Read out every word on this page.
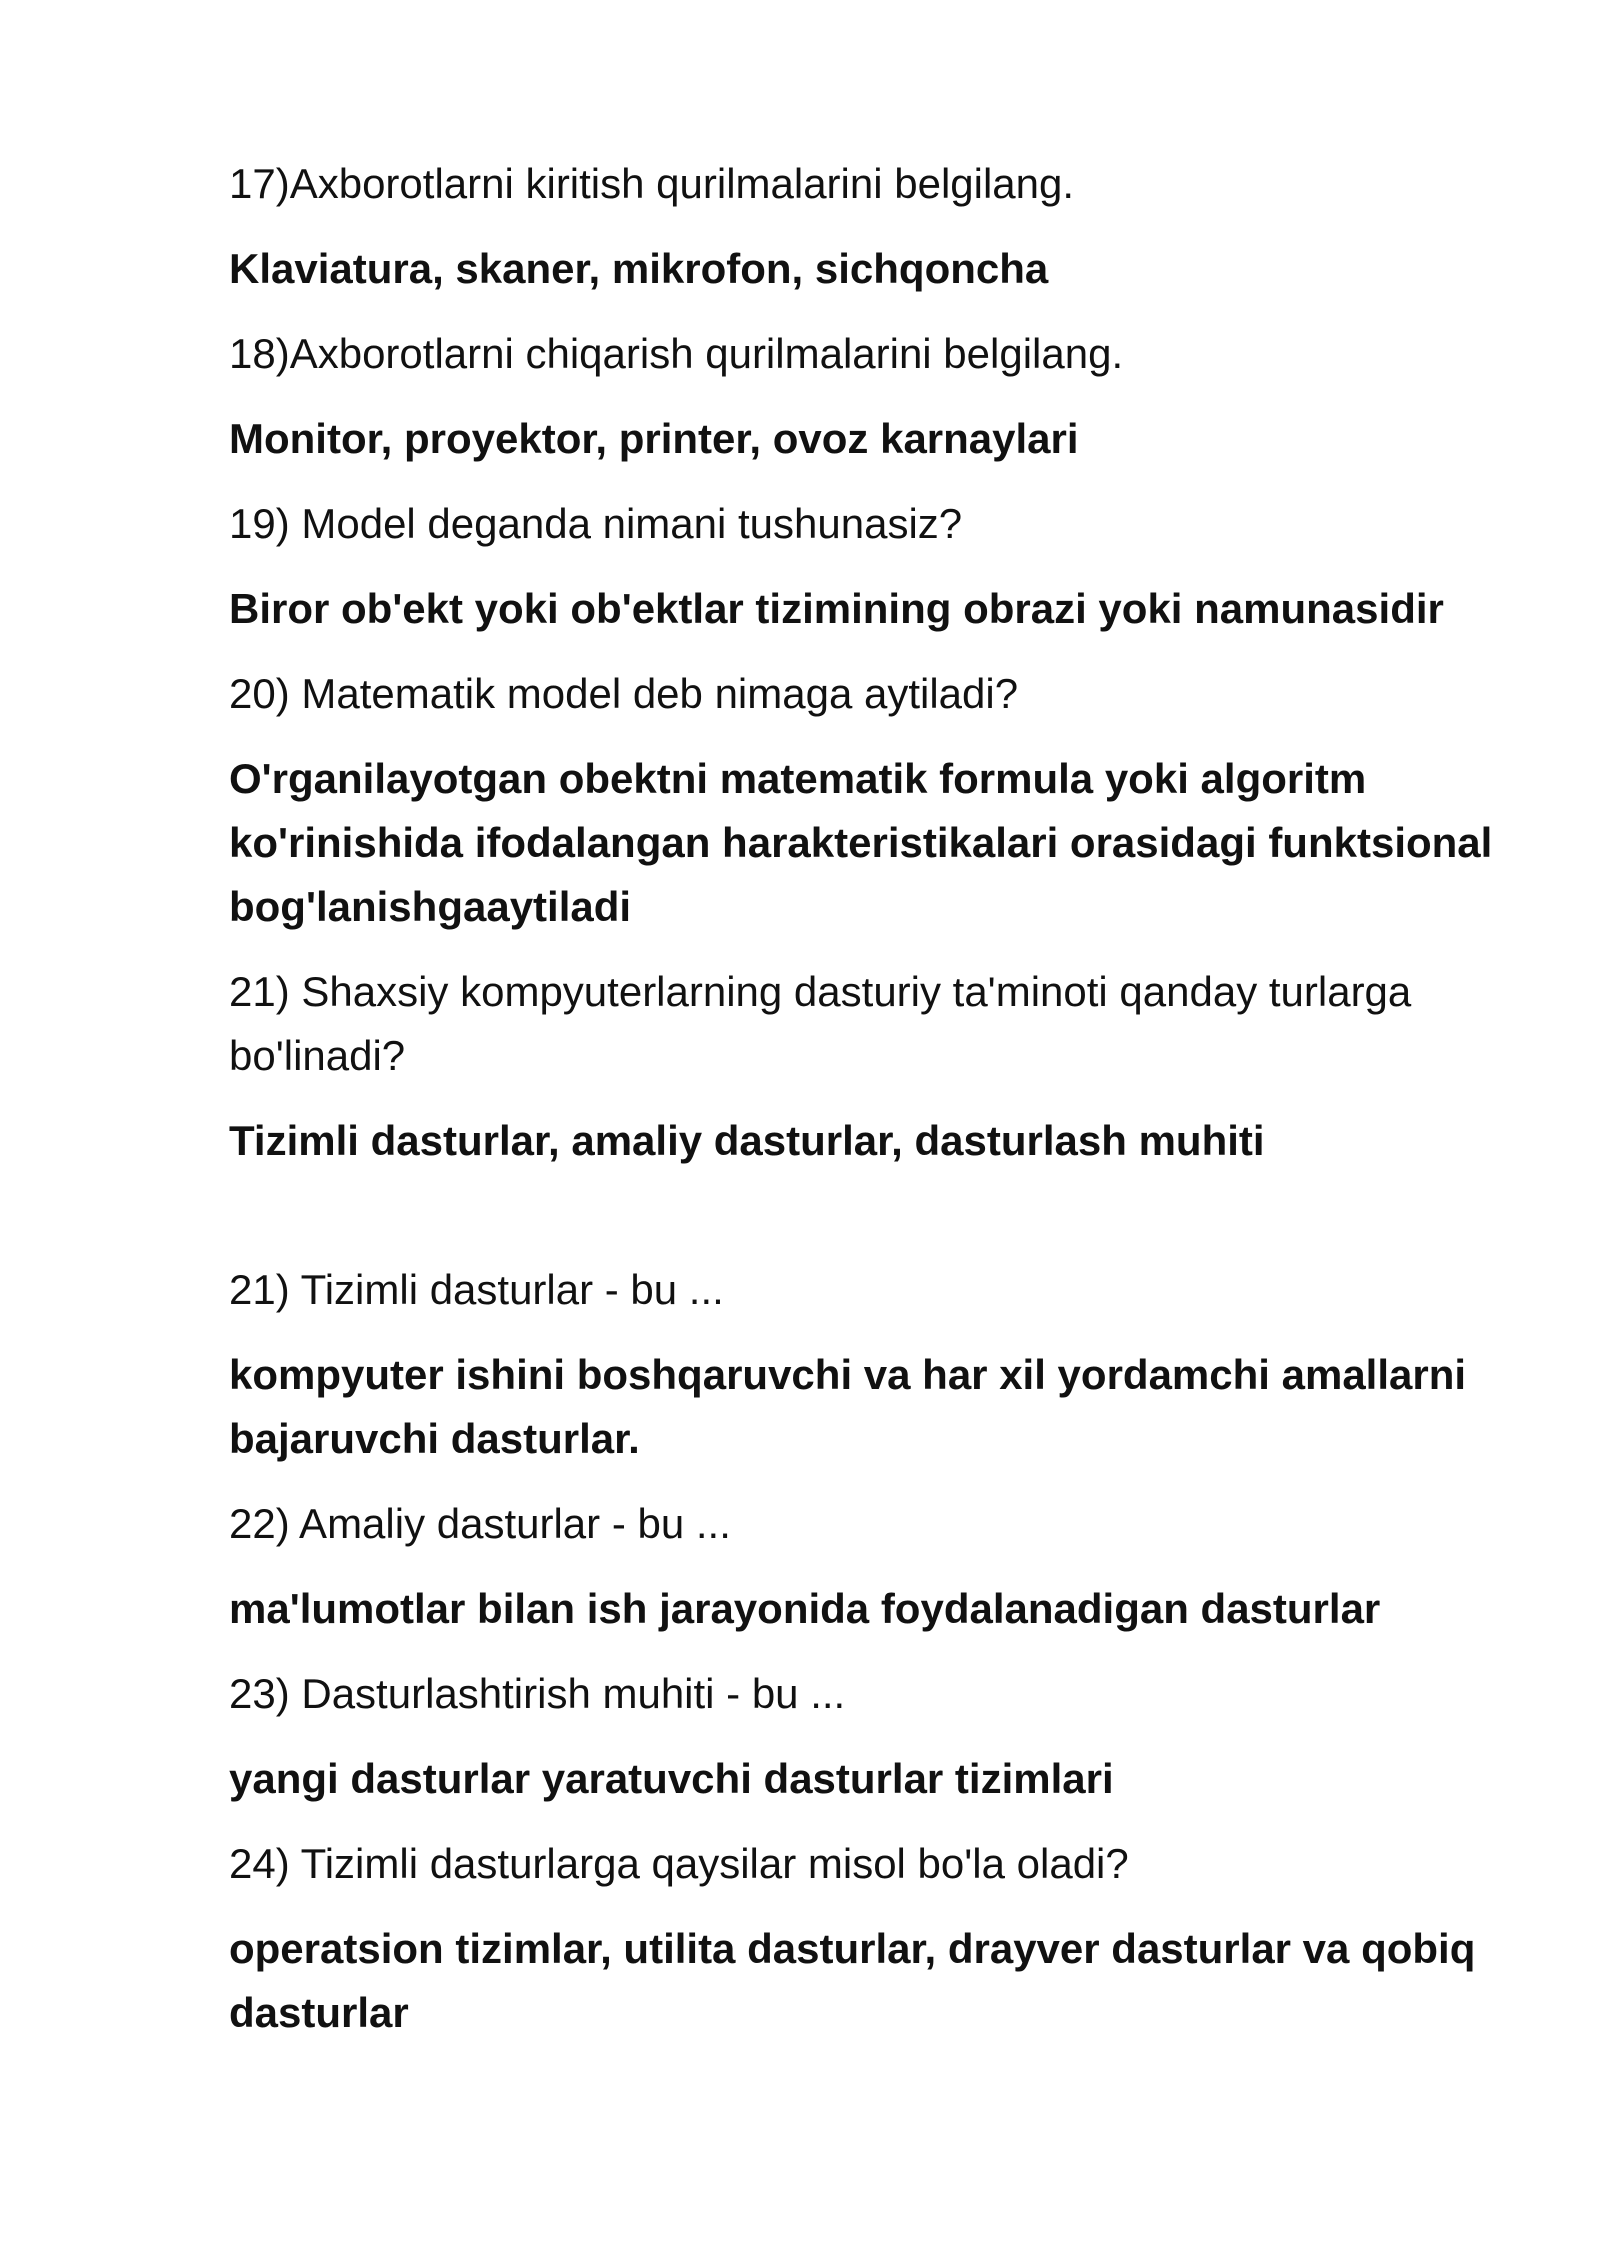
17)Axborotlarni kiritish qurilmalarini belgilang.

Klaviatura, skaner, mikrofon, sichqoncha

18)Axborotlarni chiqarish qurilmalarini belgilang.

Monitor, proyektor, printer, ovoz karnaylari

19) Model deganda nimani tushunasiz?

Biror ob'ekt yoki ob'ektlar tizimining obrazi yoki namunasidir

20) Matematik model deb nimaga aytiladi?

O'rganilayotgan obektni matematik formula yoki algoritm ko'rinishida ifodalangan harakteristikalari orasidagi funktsional bog'lanishgaaytiladi

21) Shaxsiy kompyuterlarning dasturiy ta'minoti qanday turlarga bo'linadi?

Tizimli dasturlar, amaliy dasturlar, dasturlash muhiti

21) Tizimli dasturlar - bu ...

kompyuter ishini boshqaruvchi va har xil yordamchi amallarni bajaruvchi dasturlar.

22) Amaliy dasturlar - bu ...

ma'lumotlar bilan ish jarayonida foydalanadigan dasturlar

23) Dasturlashtirish muhiti - bu ...

yangi dasturlar yaratuvchi dasturlar tizimlari

24) Tizimli dasturlarga qaysilar misol bo'la oladi?

operatsion tizimlar, utilita dasturlar, drayver dasturlar va qobiq dasturlar
